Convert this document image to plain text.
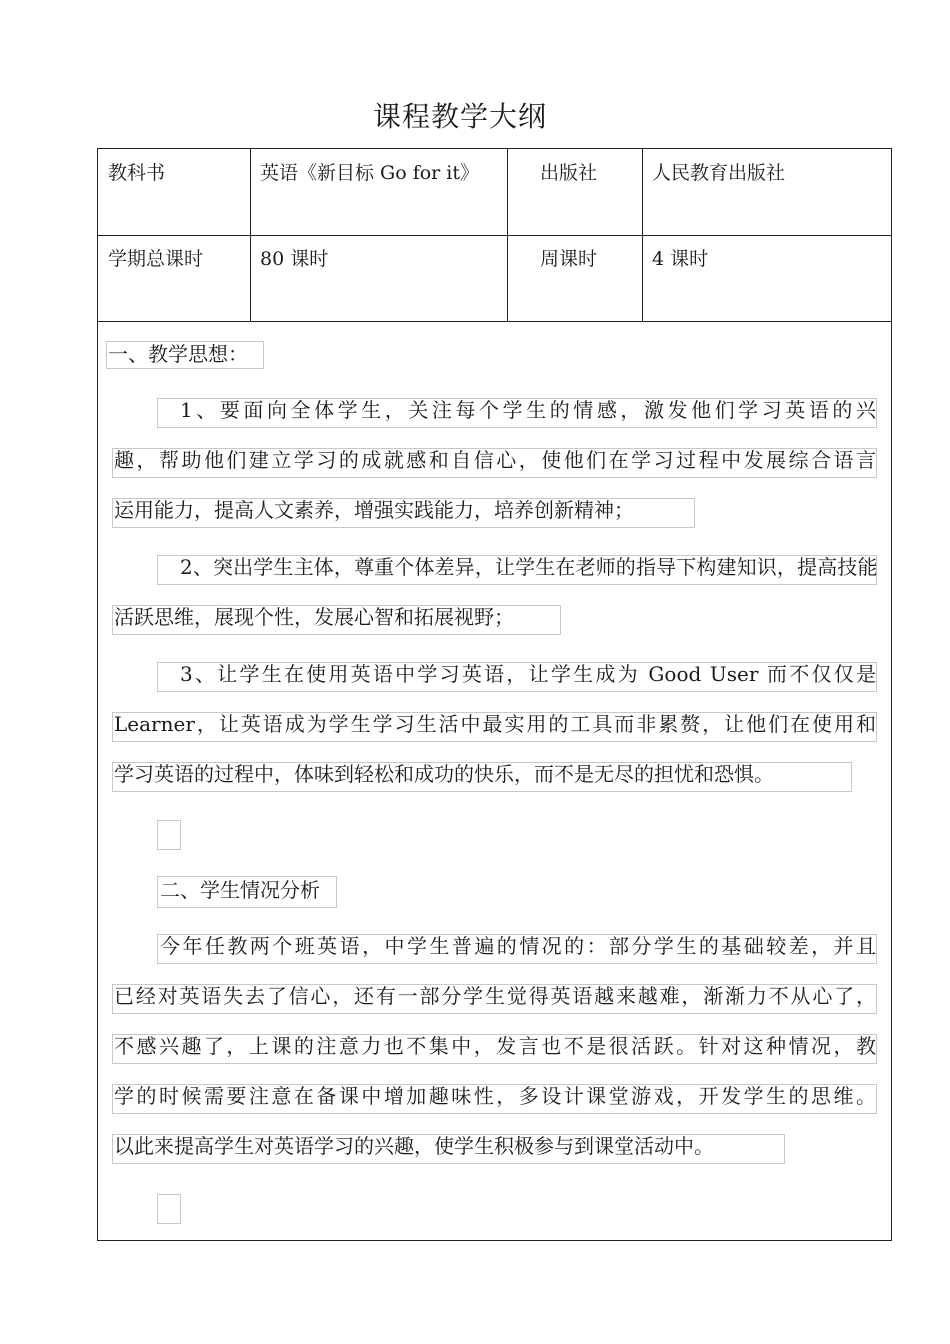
课程教学大纲
教科书	英语《新目标 Go for it》	出版社	人民教育出版社
学期总课时	80 课时	周课时	4 课时
一、教学思想：
1、要面向全体学生，关注每个学生的情感，激发他们学习英语的兴
趣，帮助他们建立学习的成就感和自信心，使他们在学习过程中发展综合语言
运用能力，提高人文素养，增强实践能力，培养创新精神；
2、突出学生主体，尊重个体差异，让学生在老师的指导下构建知识，提高技能
活跃思维，展现个性，发展心智和拓展视野；
3、让学生在使用英语中学习英语，让学生成为 Good User 而不仅仅是
Learner，让英语成为学生学习生活中最实用的工具而非累赘，让他们在使用和
学习英语的过程中，体味到轻松和成功的快乐，而不是无尽的担忧和恐惧。
二、学生情况分析
今年任教两个班英语，中学生普遍的情况的：部分学生的基础较差，并且
已经对英语失去了信心，还有一部分学生觉得英语越来越难，渐渐力不从心了，
不感兴趣了，上课的注意力也不集中，发言也不是很活跃。针对这种情况，教
学的时候需要注意在备课中增加趣味性，多设计课堂游戏，开发学生的思维。
以此来提高学生对英语学习的兴趣，使学生积极参与到课堂活动中。
